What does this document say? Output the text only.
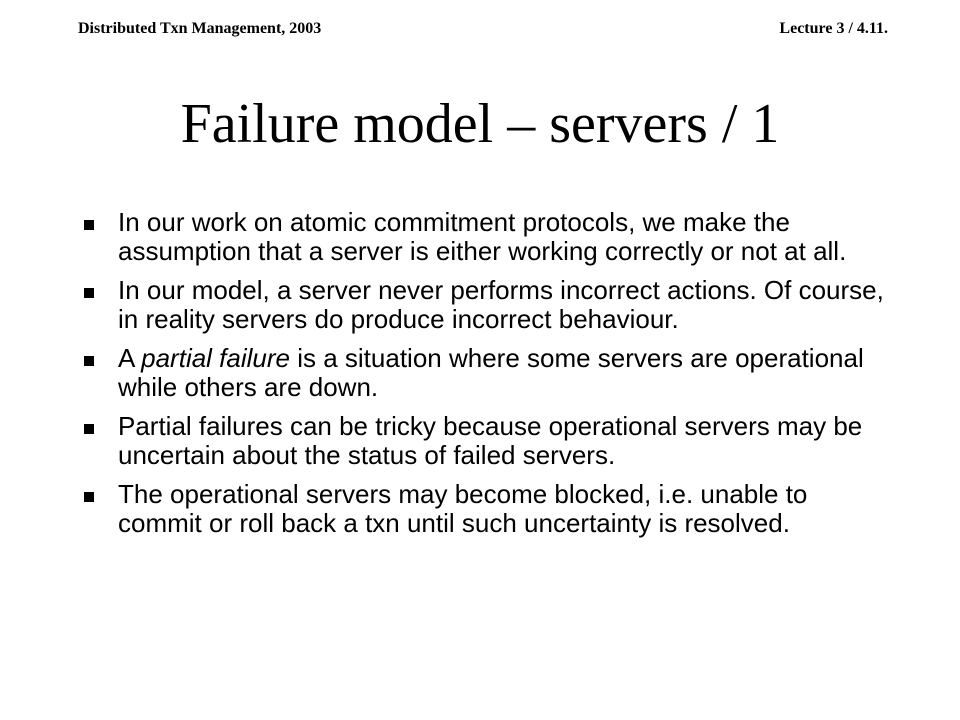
Distributed Txn Management, 2003	Lecture 3 / 4.11.
Failure model – servers / 1
In our work on atomic commitment protocols, we make the assumption that a server is either working correctly or not at all.
In our model, a server never performs incorrect actions. Of course, in reality servers do produce incorrect behaviour.
A partial failure is a situation where some servers are operational while others are down.
Partial failures can be tricky because operational servers may be uncertain about the status of failed servers.
The operational servers may become blocked, i.e. unable to commit or roll back a txn until such uncertainty is resolved.
